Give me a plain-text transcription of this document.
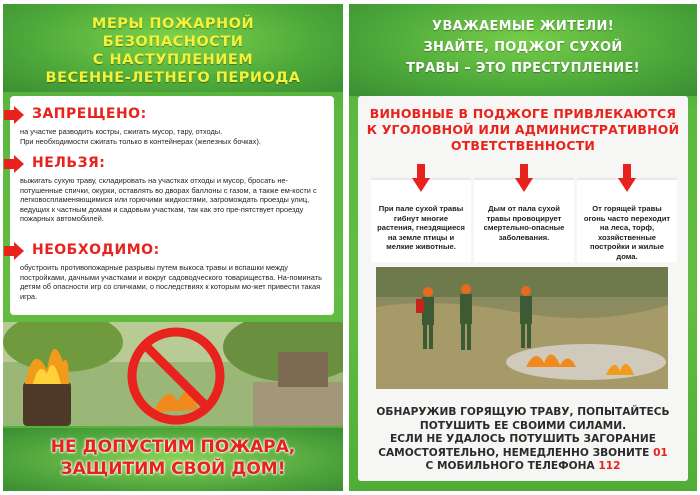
МЕРЫ ПОЖАРНОЙ
БЕЗОПАСНОСТИ
С НАСТУПЛЕНИЕМ
ВЕСЕННЕ-ЛЕТНЕГО ПЕРИОДА
ЗАПРЕЩЕНО:
на участке разводить костры, сжигать мусор, тару, отходы.
При необходимости сжигать только в контейнерах (железных бочках).
НЕЛЬЗЯ:
выжигать сухую траву, складировать на участках отходы и мусор, бросать не-потушенные спички, окурки, оставлять во дворах баллоны с газом, а также ем-кости с легковоспламеняющимися или горючими жидкостями, загромождать проезды улиц, ведущих к частным домам и садовым участкам, так как это пре-пятствует проезду пожарных автомобилей.
НЕОБХОДИМО:
обустроить противопожарные разрывы путем выкоса травы и вспашки между постройками, дачными участками и вокруг садоводческого товарищества. На-поминать детям об опасности игр со спичками, о последствиях к которым мо-жет привести такая игра.
НЕ ДОПУСТИМ ПОЖАРА,
ЗАЩИТИМ СВОЙ ДОМ!
УВАЖАЕМЫЕ ЖИТЕЛИ!
ЗНАЙТЕ, ПОДЖОГ СУХОЙ
ТРАВЫ – ЭТО ПРЕСТУПЛЕНИЕ!
ВИНОВНЫЕ В ПОДЖОГЕ ПРИВЛЕКАЮТСЯ
К УГОЛОВНОЙ ИЛИ АДМИНИСТРАТИВНОЙ
ОТВЕТСТВЕННОСТИ
При пале сухой травы гибнут многие растения, гнездящиеся на земле птицы и мелкие животные.
Дым от пала сухой травы провоцирует смертельно-опасные заболевания.
От горящей травы огонь часто переходит на леса, торф, хозяйственные постройки и жилые дома.
ОБНАРУЖИВ ГОРЯЩУЮ ТРАВУ, ПОПЫТАЙТЕСЬ
ПОТУШИТЬ ЕЕ СВОИМИ СИЛАМИ.
ЕСЛИ НЕ УДАЛОСЬ ПОТУШИТЬ ЗАГОРАНИЕ
САМОСТОЯТЕЛЬНО, НЕМЕДЛЕННО ЗВОНИТЕ 01
С МОБИЛЬНОГО ТЕЛЕФОНА 112
